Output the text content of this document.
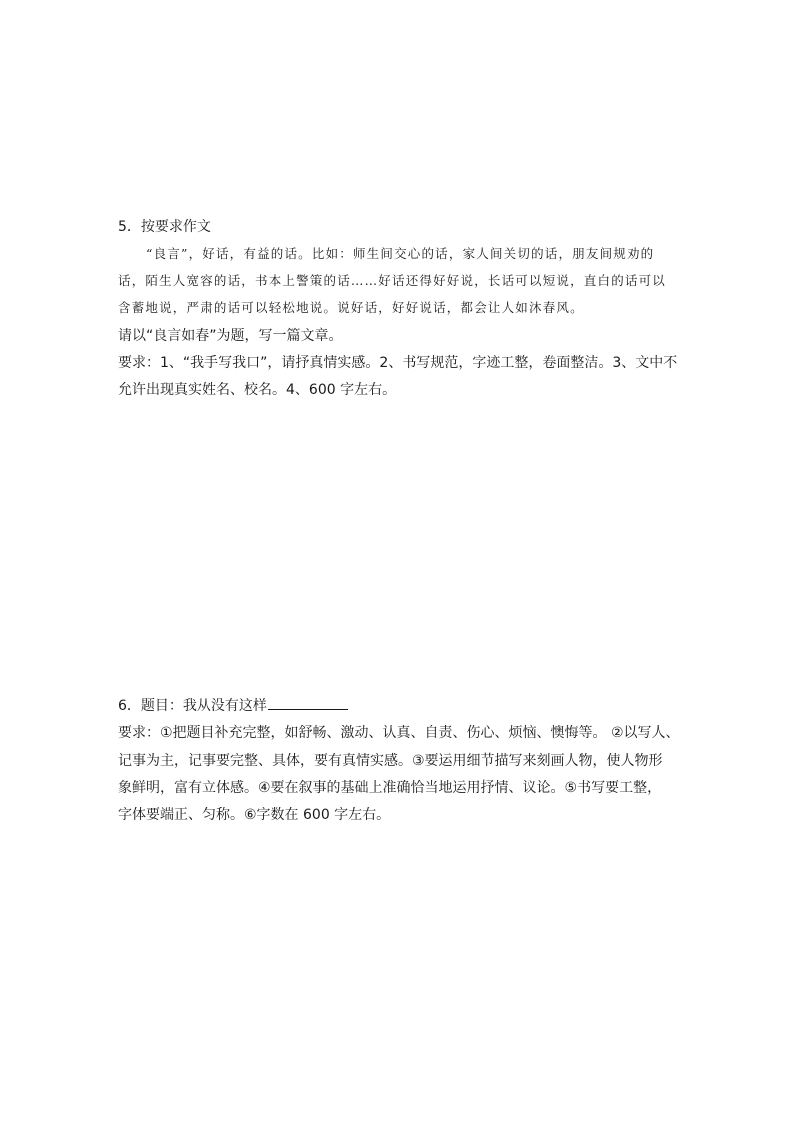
5．按要求作文
“良言”，好话，有益的话。比如：师生间交心的话，家人间关切的话，朋友间规劝的
话，陌生人宽容的话，书本上警策的话……好话还得好好说，长话可以短说，直白的话可以
含蓄地说，严肃的话可以轻松地说。说好话，好好说话，都会让人如沐春风。
请以“良言如春”为题，写一篇文章。
要求：1、“我手写我口”，请抒真情实感。2、书写规范，字迹工整，卷面整洁。3、文中不
允许出现真实姓名、校名。4、600 字左右。
6．题目：我从没有这样
要求：①把题目补充完整，如舒畅、激动、认真、自责、伤心、烦恼、懊悔等。 ②以写人、
记事为主，记事要完整、具体，要有真情实感。③要运用细节描写来刻画人物，使人物形
象鲜明，富有立体感。④要在叙事的基础上准确恰当地运用抒情、议论。⑤书写要工整，
字体要端正、匀称。⑥字数在 600 字左右。
